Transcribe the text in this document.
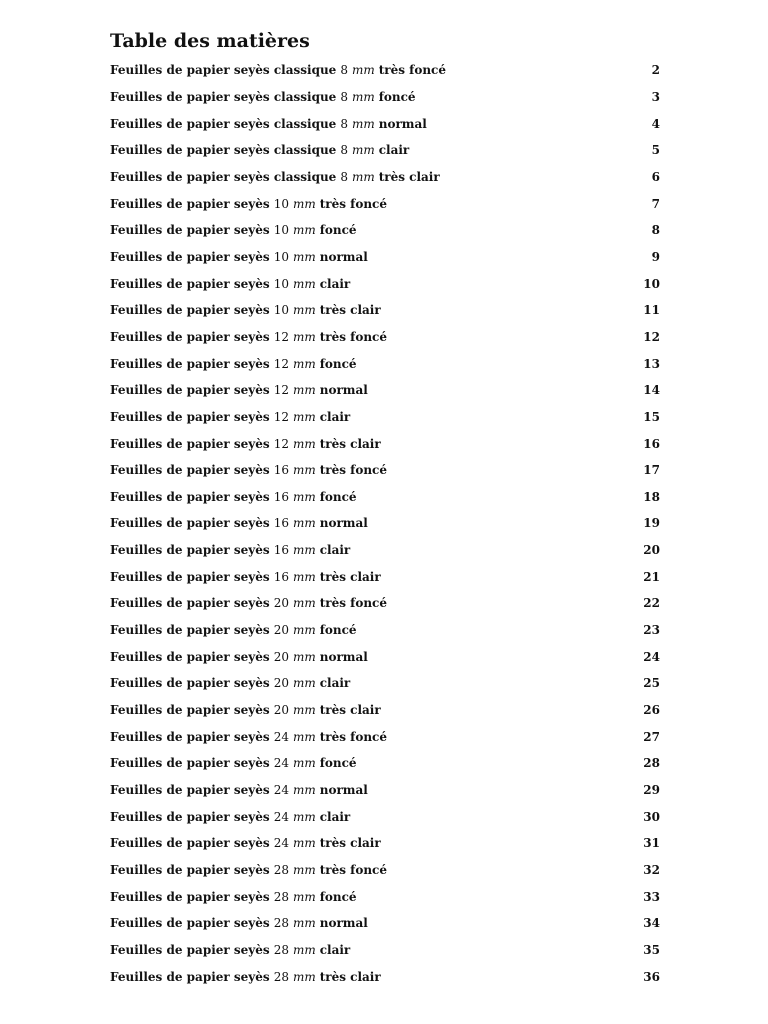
Table des matières
Feuilles de papier seyès classique 8 mm très foncé	2
Feuilles de papier seyès classique 8 mm foncé	3
Feuilles de papier seyès classique 8 mm normal	4
Feuilles de papier seyès classique 8 mm clair	5
Feuilles de papier seyès classique 8 mm très clair	6
Feuilles de papier seyès 10 mm très foncé	7
Feuilles de papier seyès 10 mm foncé	8
Feuilles de papier seyès 10 mm normal	9
Feuilles de papier seyès 10 mm clair	10
Feuilles de papier seyès 10 mm très clair	11
Feuilles de papier seyès 12 mm très foncé	12
Feuilles de papier seyès 12 mm foncé	13
Feuilles de papier seyès 12 mm normal	14
Feuilles de papier seyès 12 mm clair	15
Feuilles de papier seyès 12 mm très clair	16
Feuilles de papier seyès 16 mm très foncé	17
Feuilles de papier seyès 16 mm foncé	18
Feuilles de papier seyès 16 mm normal	19
Feuilles de papier seyès 16 mm clair	20
Feuilles de papier seyès 16 mm très clair	21
Feuilles de papier seyès 20 mm très foncé	22
Feuilles de papier seyès 20 mm foncé	23
Feuilles de papier seyès 20 mm normal	24
Feuilles de papier seyès 20 mm clair	25
Feuilles de papier seyès 20 mm très clair	26
Feuilles de papier seyès 24 mm très foncé	27
Feuilles de papier seyès 24 mm foncé	28
Feuilles de papier seyès 24 mm normal	29
Feuilles de papier seyès 24 mm clair	30
Feuilles de papier seyès 24 mm très clair	31
Feuilles de papier seyès 28 mm très foncé	32
Feuilles de papier seyès 28 mm foncé	33
Feuilles de papier seyès 28 mm normal	34
Feuilles de papier seyès 28 mm clair	35
Feuilles de papier seyès 28 mm très clair	36
